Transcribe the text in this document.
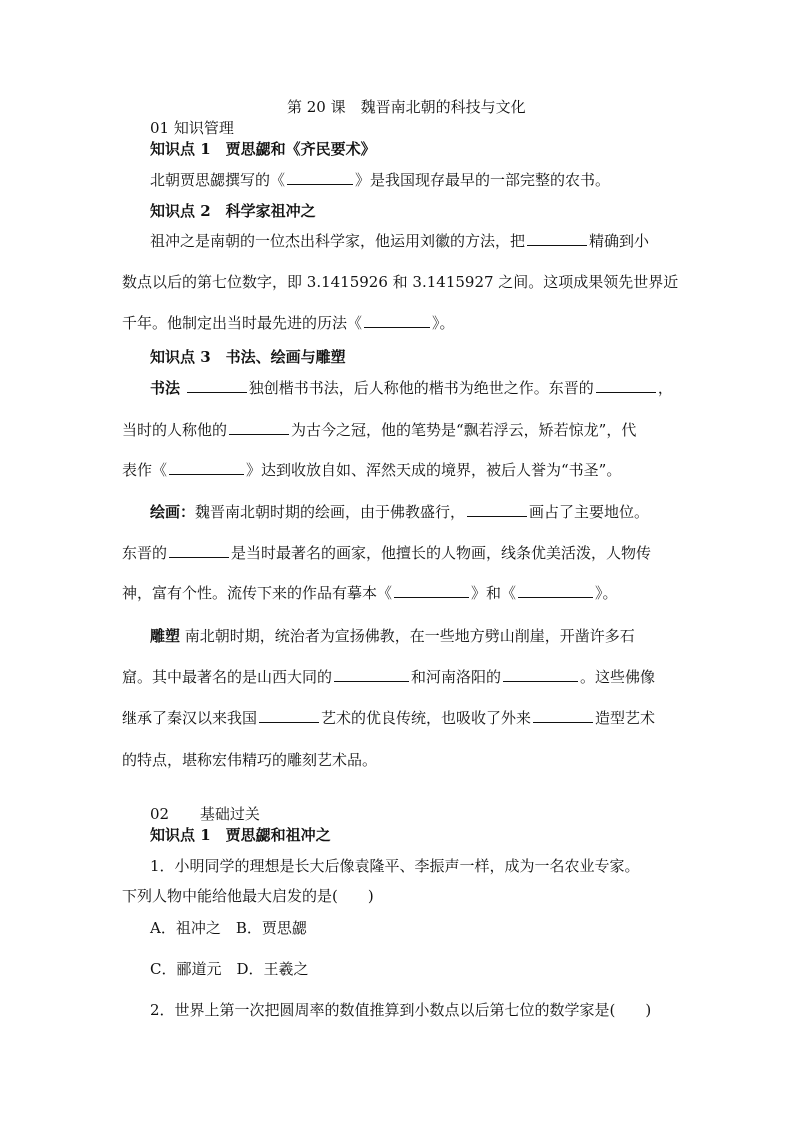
第 20 课　魏晋南北朝的科技与文化
01 知识管理
知识点 1　贾思勰和《齐民要术》
北朝贾思勰撰写的《	》是我国现存最早的一部完整的农书。
知识点 2　科学家祖冲之
祖冲之是南朝的一位杰出科学家，他运用刘徽的方法，把	精确到小
数点以后的第七位数字，即 3.1415926 和 3.1415927 之间。这项成果领先世界近
千年。他制定出当时最先进的历法《	》。
知识点 3　书法、绘画与雕塑
书法	独创楷书书法，后人称他的楷书为绝世之作。东晋的	，
当时的人称他的	为古今之冠，他的笔势是“飘若浮云，矫若惊龙”，代
表作《	》达到收放自如、浑然天成的境界，被后人誉为“书圣”。
绘画：魏晋南北朝时期的绘画，由于佛教盛行，	画占了主要地位。
东晋的	是当时最著名的画家，他擅长的人物画，线条优美活泼，人物传
神，富有个性。流传下来的作品有摹本《	》和《	》。
雕塑 南北朝时期，统治者为宣扬佛教，在一些地方劈山削崖，开凿许多石
窟。其中最著名的是山西大同的	和河南洛阳的	。这些佛像
继承了秦汉以来我国	艺术的优良传统，也吸收了外来	造型艺术
的特点，堪称宏伟精巧的雕刻艺术品。
02 基础过关
知识点 1　贾思勰和祖冲之
1．小明同学的理想是长大后像袁隆平、李振声一样，成为一名农业专家。
下列人物中能给他最大启发的是(　　)
A．祖冲之　B．贾思勰
C．郦道元　D．王羲之
2．世界上第一次把圆周率的数值推算到小数点以后第七位的数学家是(　　)
